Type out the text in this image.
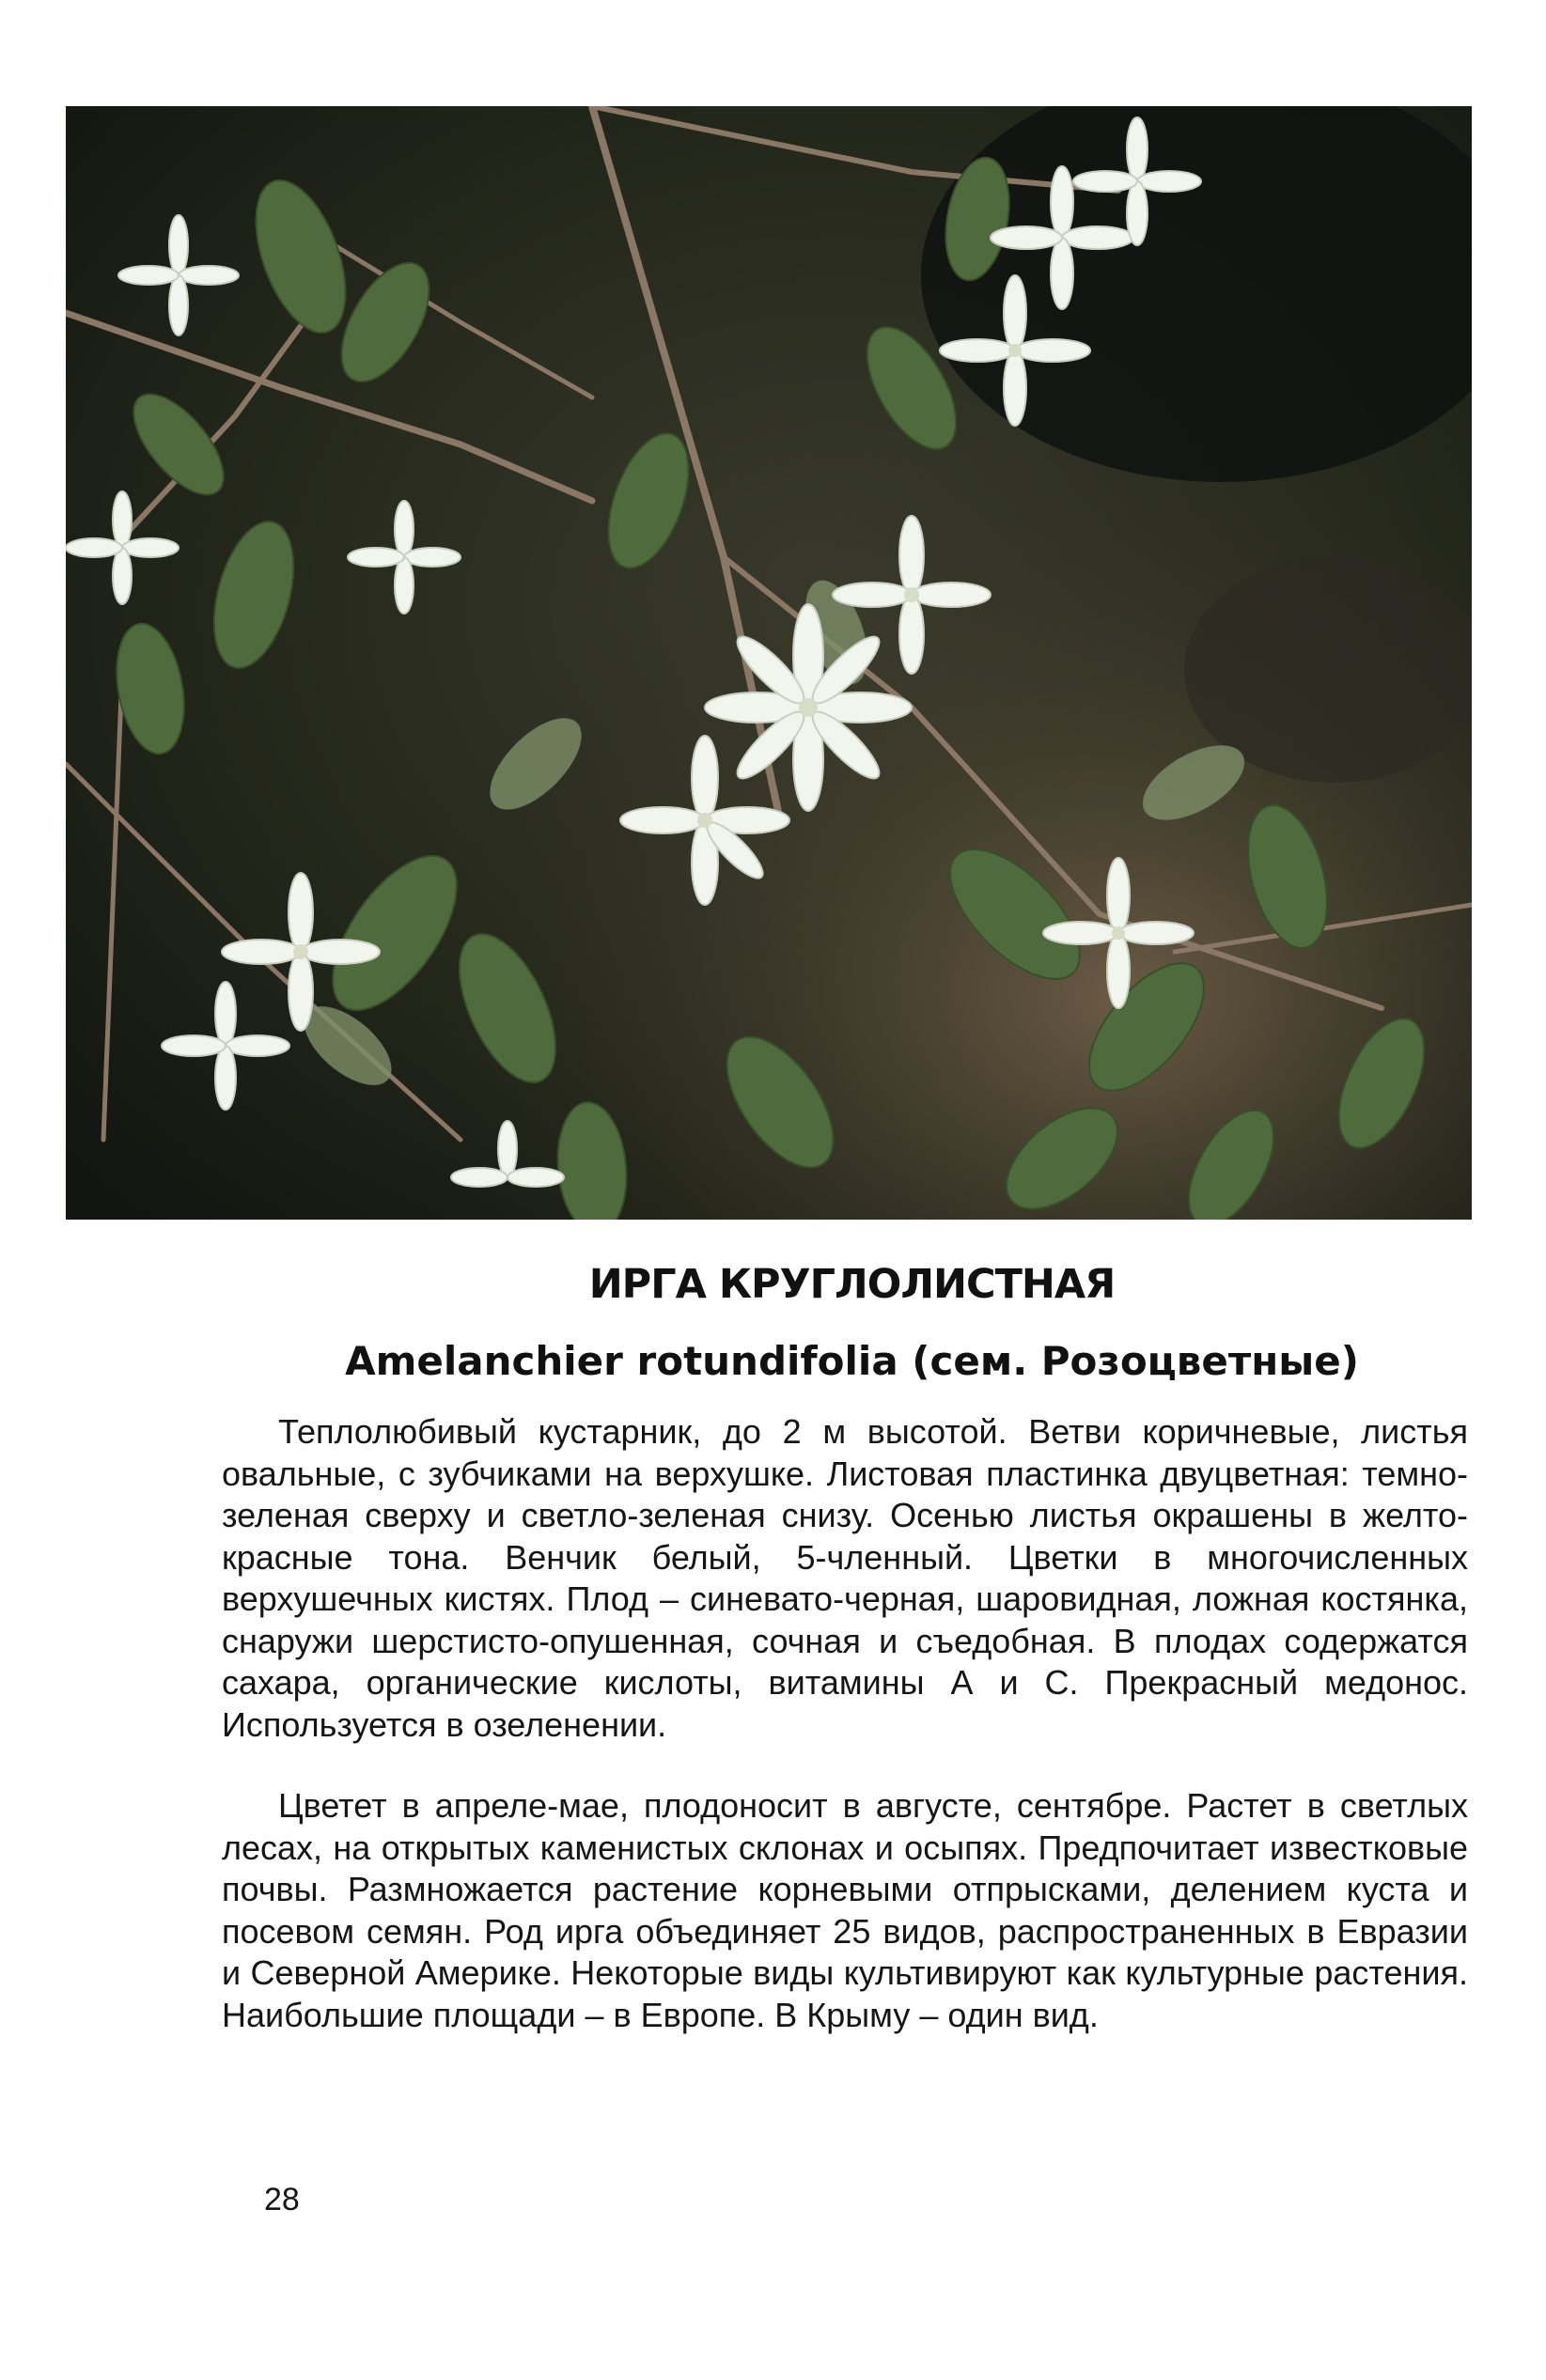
ИРГА КРУГЛОЛИСТНАЯ
Amelanchier rotundifolia (сем. Розоцветные)

Теплолюбивый кустарник, до 2 м высотой. Ветви коричневые, листья овальные, с зубчиками на верхушке. Листовая пластинка двуцветная: темно-зеленая сверху и светло-зеленая снизу. Осенью листья окрашены в желто-красные тона. Венчик белый, 5-членный. Цветки в многочисленных верхушечных кистях. Плод – синевато-черная, шаровидная, ложная костянка, снаружи шерстисто-опушенная, сочная и съедобная. В плодах содержатся сахара, органические кислоты, витамины А и С. Прекрасный медонос. Используется в озеленении.

Цветет в апреле-мае, плодоносит в августе, сентябре. Растет в светлых лесах, на открытых каменистых склонах и осыпях. Предпочитает известковые почвы. Размножается растение корневыми отпрысками, делением куста и посевом семян. Род ирга объединяет 25 видов, распространенных в Евразии и Северной Америке. Некоторые виды культивируют как культурные растения. Наибольшие площади – в Европе. В Крыму – один вид.

28
